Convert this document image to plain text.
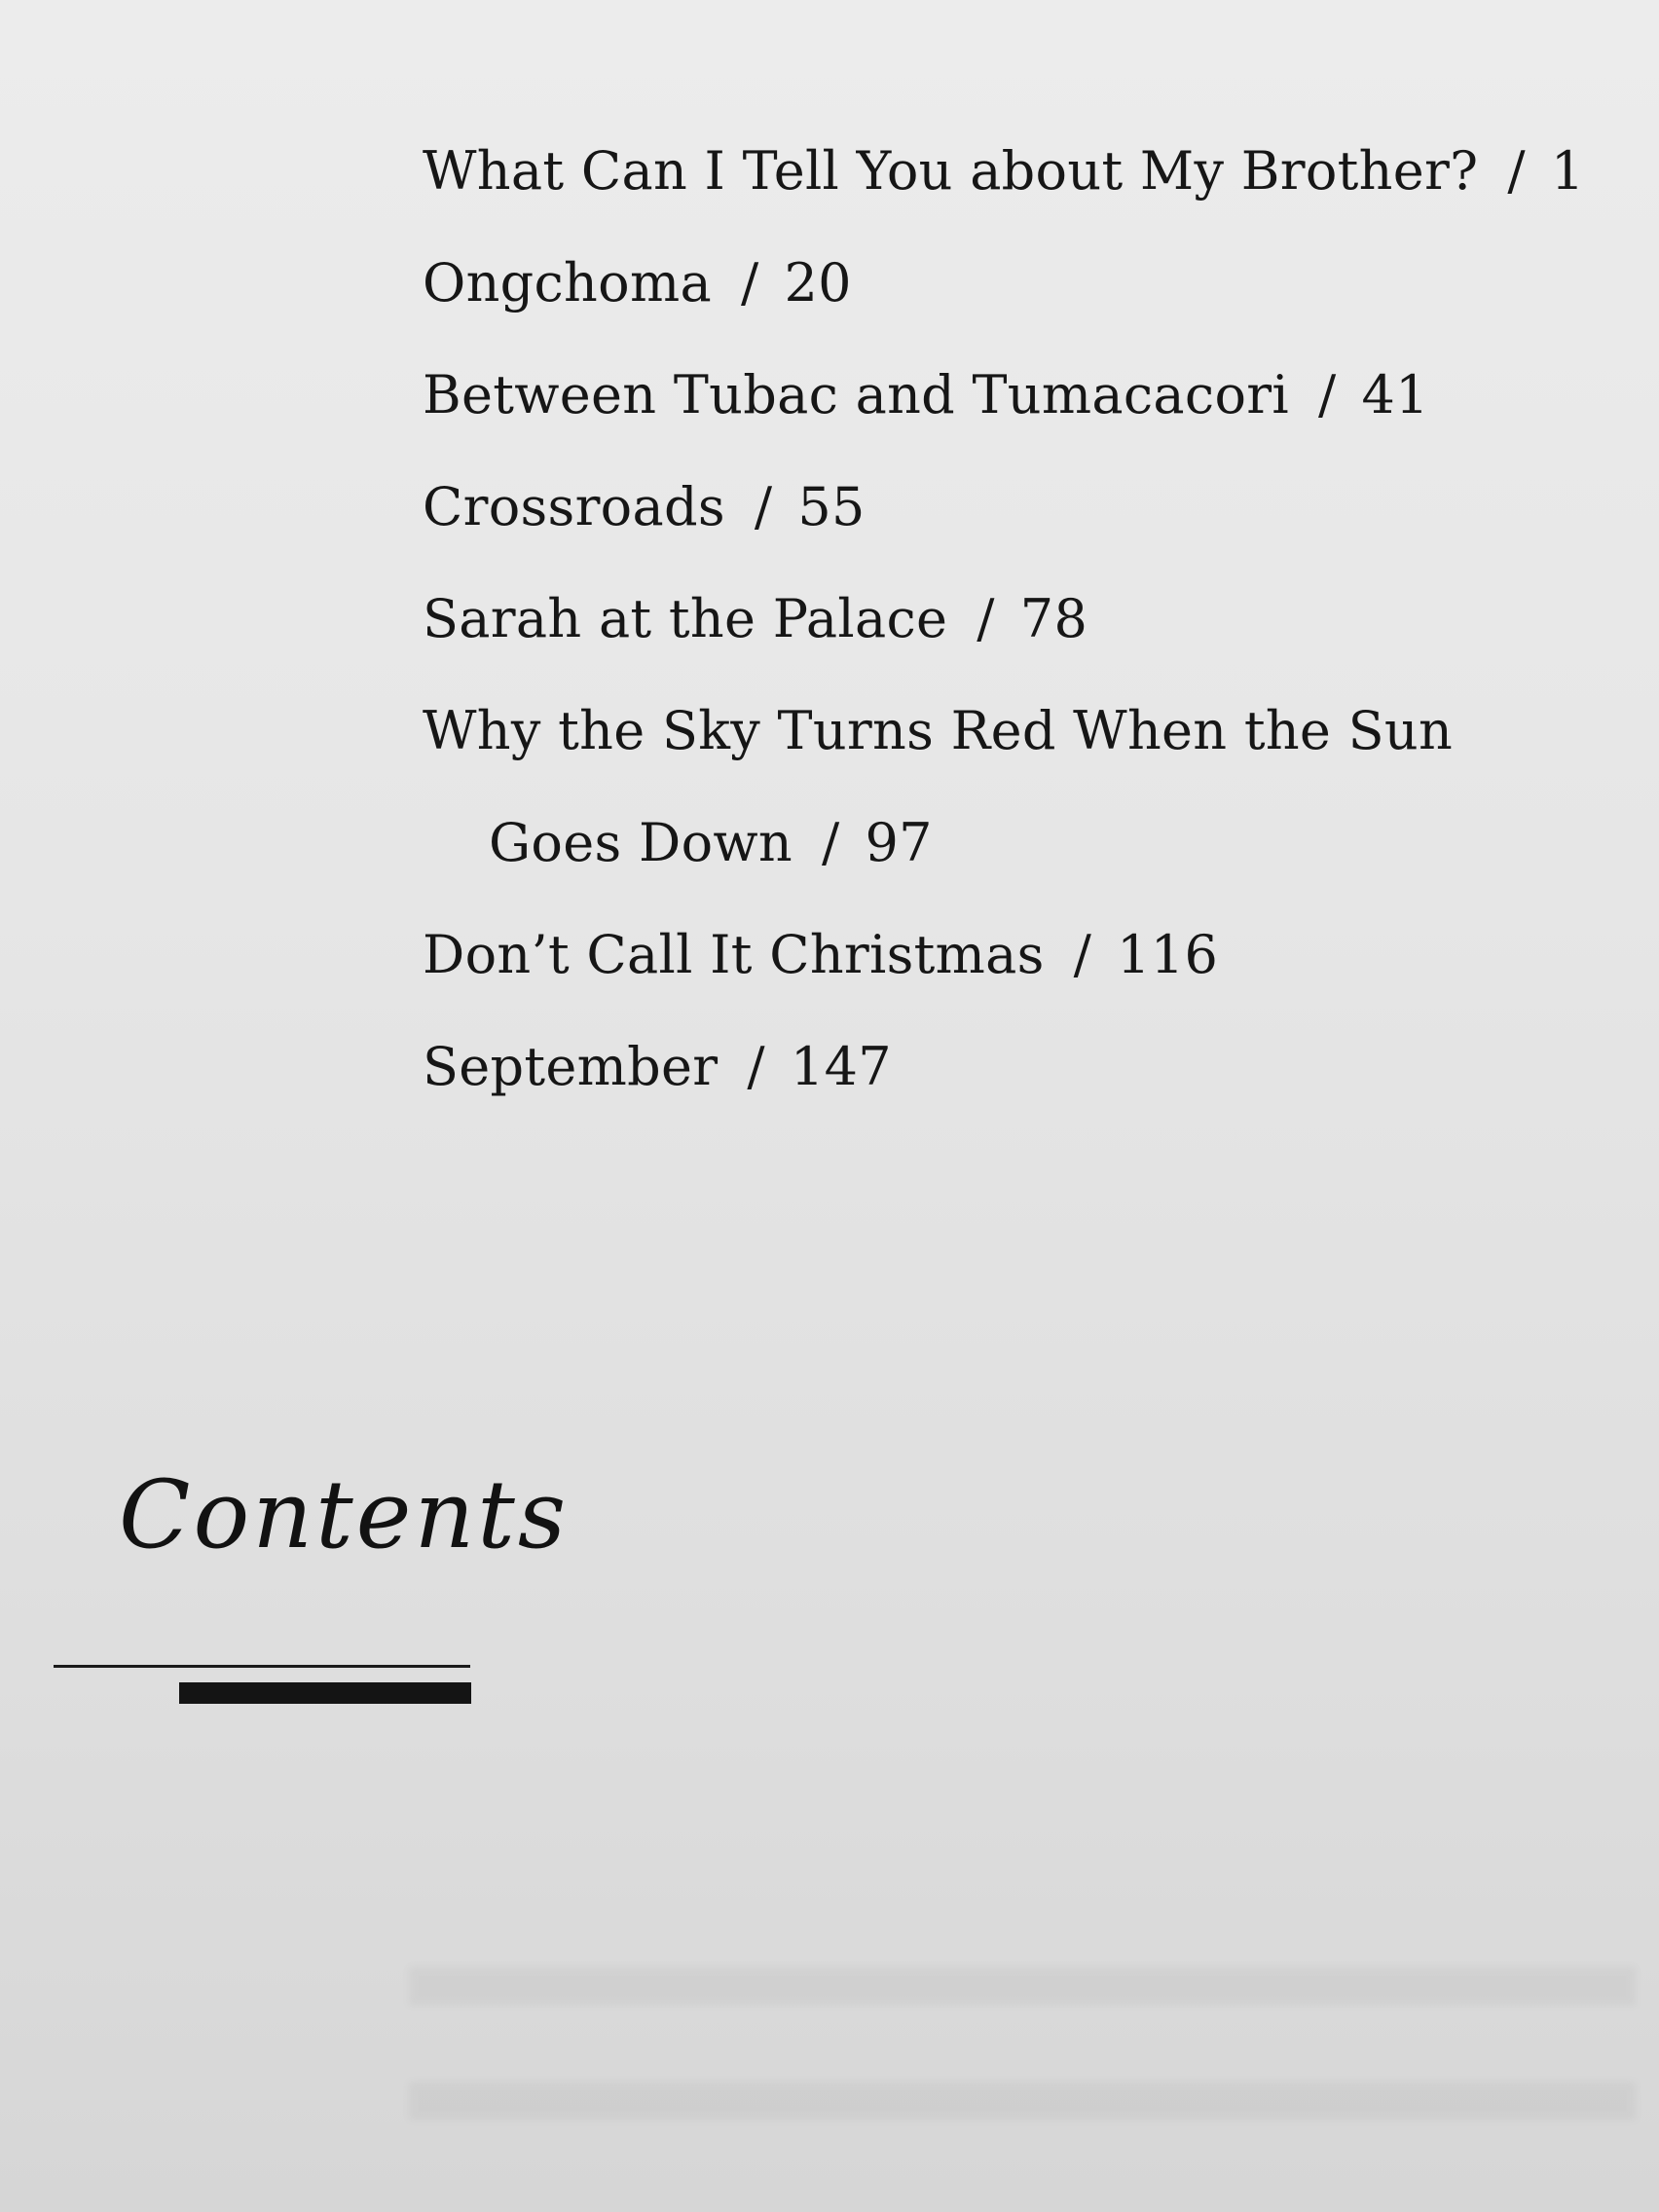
What Can I Tell You about My Brother? / 1
Ongchoma / 20
Between Tubac and Tumacacori / 41
Crossroads / 55
Sarah at the Palace / 78
Why the Sky Turns Red When the Sun
Goes Down / 97
Don’t Call It Christmas / 116
September / 147
Contents
